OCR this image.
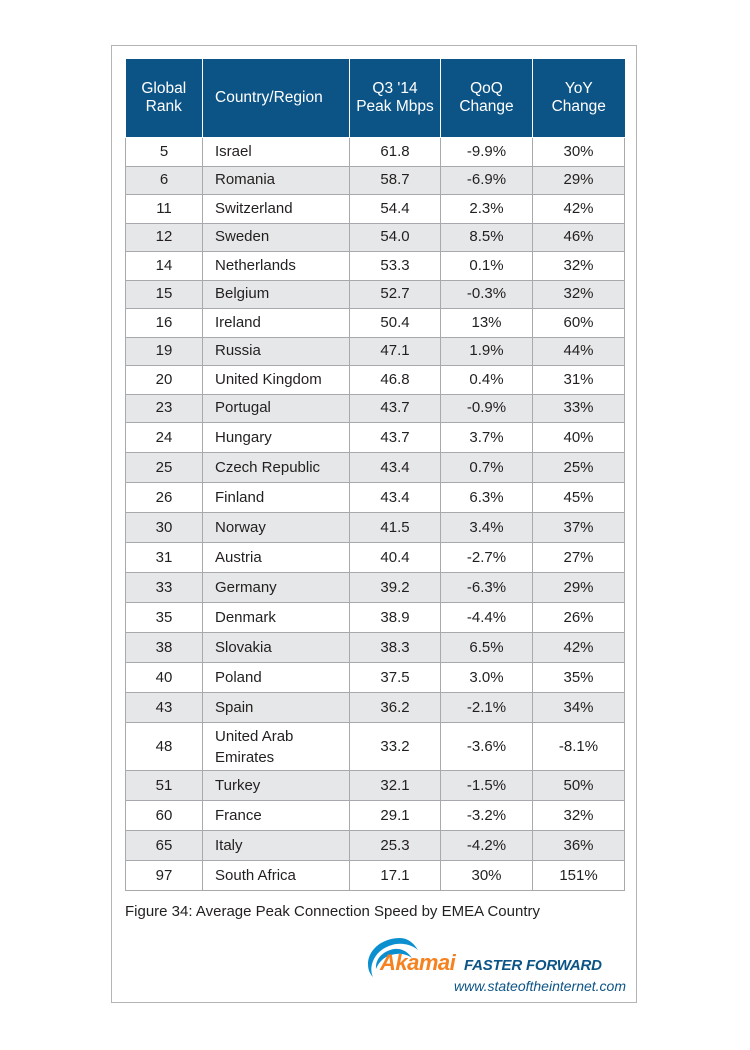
Global Rank	Country/Region	Q3 '14 Peak Mbps	QoQ Change	YoY Change
5	Israel	61.8	-9.9%	30%
6	Romania	58.7	-6.9%	29%
11	Switzerland	54.4	2.3%	42%
12	Sweden	54.0	8.5%	46%
14	Netherlands	53.3	0.1%	32%
15	Belgium	52.7	-0.3%	32%
16	Ireland	50.4	13%	60%
19	Russia	47.1	1.9%	44%
20	United Kingdom	46.8	0.4%	31%
23	Portugal	43.7	-0.9%	33%
24	Hungary	43.7	3.7%	40%
25	Czech Republic	43.4	0.7%	25%
26	Finland	43.4	6.3%	45%
30	Norway	41.5	3.4%	37%
31	Austria	40.4	-2.7%	27%
33	Germany	39.2	-6.3%	29%
35	Denmark	38.9	-4.4%	26%
38	Slovakia	38.3	6.5%	42%
40	Poland	37.5	3.0%	35%
43	Spain	36.2	-2.1%	34%
48	United Arab Emirates	33.2	-3.6%	-8.1%
51	Turkey	32.1	-1.5%	50%
60	France	29.1	-3.2%	32%
65	Italy	25.3	-4.2%	36%
97	South Africa	17.1	30%	151%
Figure 34: Average Peak Connection Speed by EMEA Country
Akamai FASTER FORWARD
www.stateoftheinternet.com
